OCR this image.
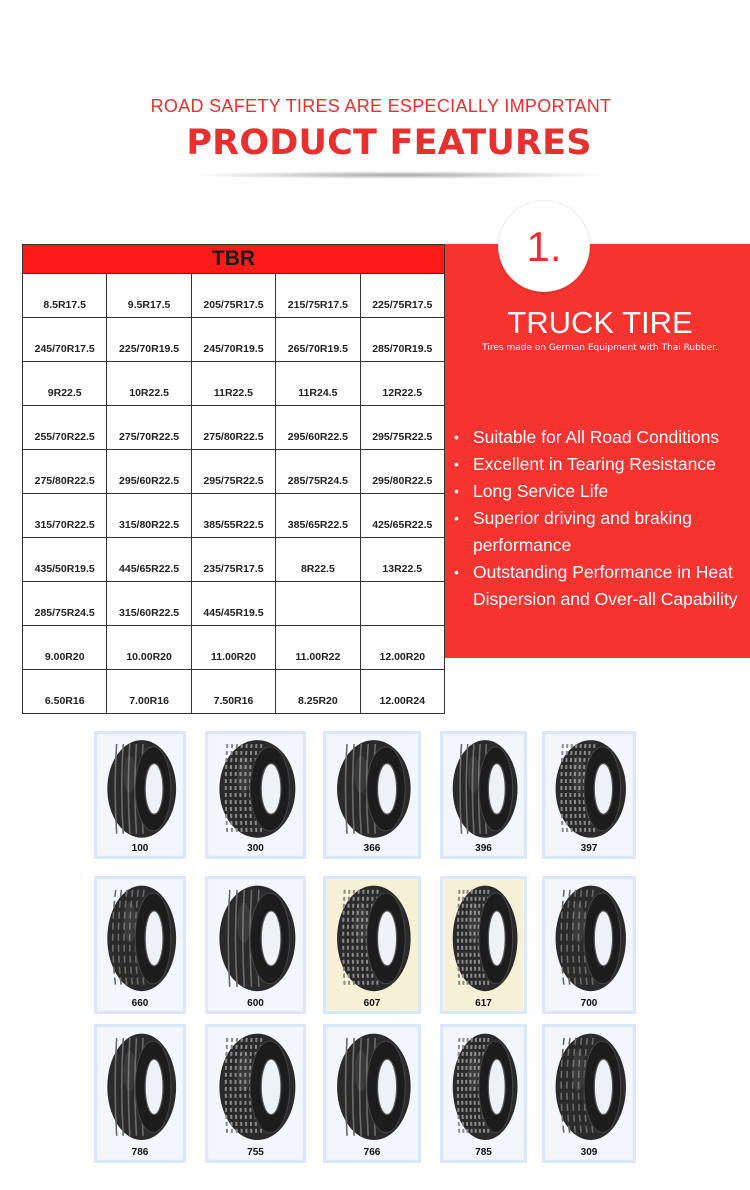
ROAD SAFETY TIRES ARE ESPECIALLY IMPORTANT
PRODUCT FEATURES
TBR				
8.5R17.5	9.5R17.5	205/75R17.5	215/75R17.5	225/75R17.5
245/70R17.5	225/70R19.5	245/70R19.5	265/70R19.5	285/70R19.5
9R22.5	10R22.5	11R22.5	11R24.5	12R22.5
255/70R22.5	275/70R22.5	275/80R22.5	295/60R22.5	295/75R22.5
275/80R22.5	295/60R22.5	295/75R22.5	285/75R24.5	295/80R22.5
315/70R22.5	315/80R22.5	385/55R22.5	385/65R22.5	425/65R22.5
435/50R19.5	445/65R22.5	235/75R17.5	8R22.5	13R22.5
285/75R24.5	315/60R22.5	445/45R19.5		
9.00R20	10.00R20	11.00R20	11.00R22	12.00R20
6.50R16	7.00R16	7.50R16	8.25R20	12.00R24
TRUCK TIRE
Tires made on German Equipment with Thai Rubber.
• Suitable for All Road Conditions
• Excellent in Tearing Resistance
• Long Service Life
• Superior driving and braking performance
• Outstanding Performance in Heat Dispersion and Over-all Capability
1.
100	300	366	396	397
660	600	607	617	700
786	755	766	785	309
